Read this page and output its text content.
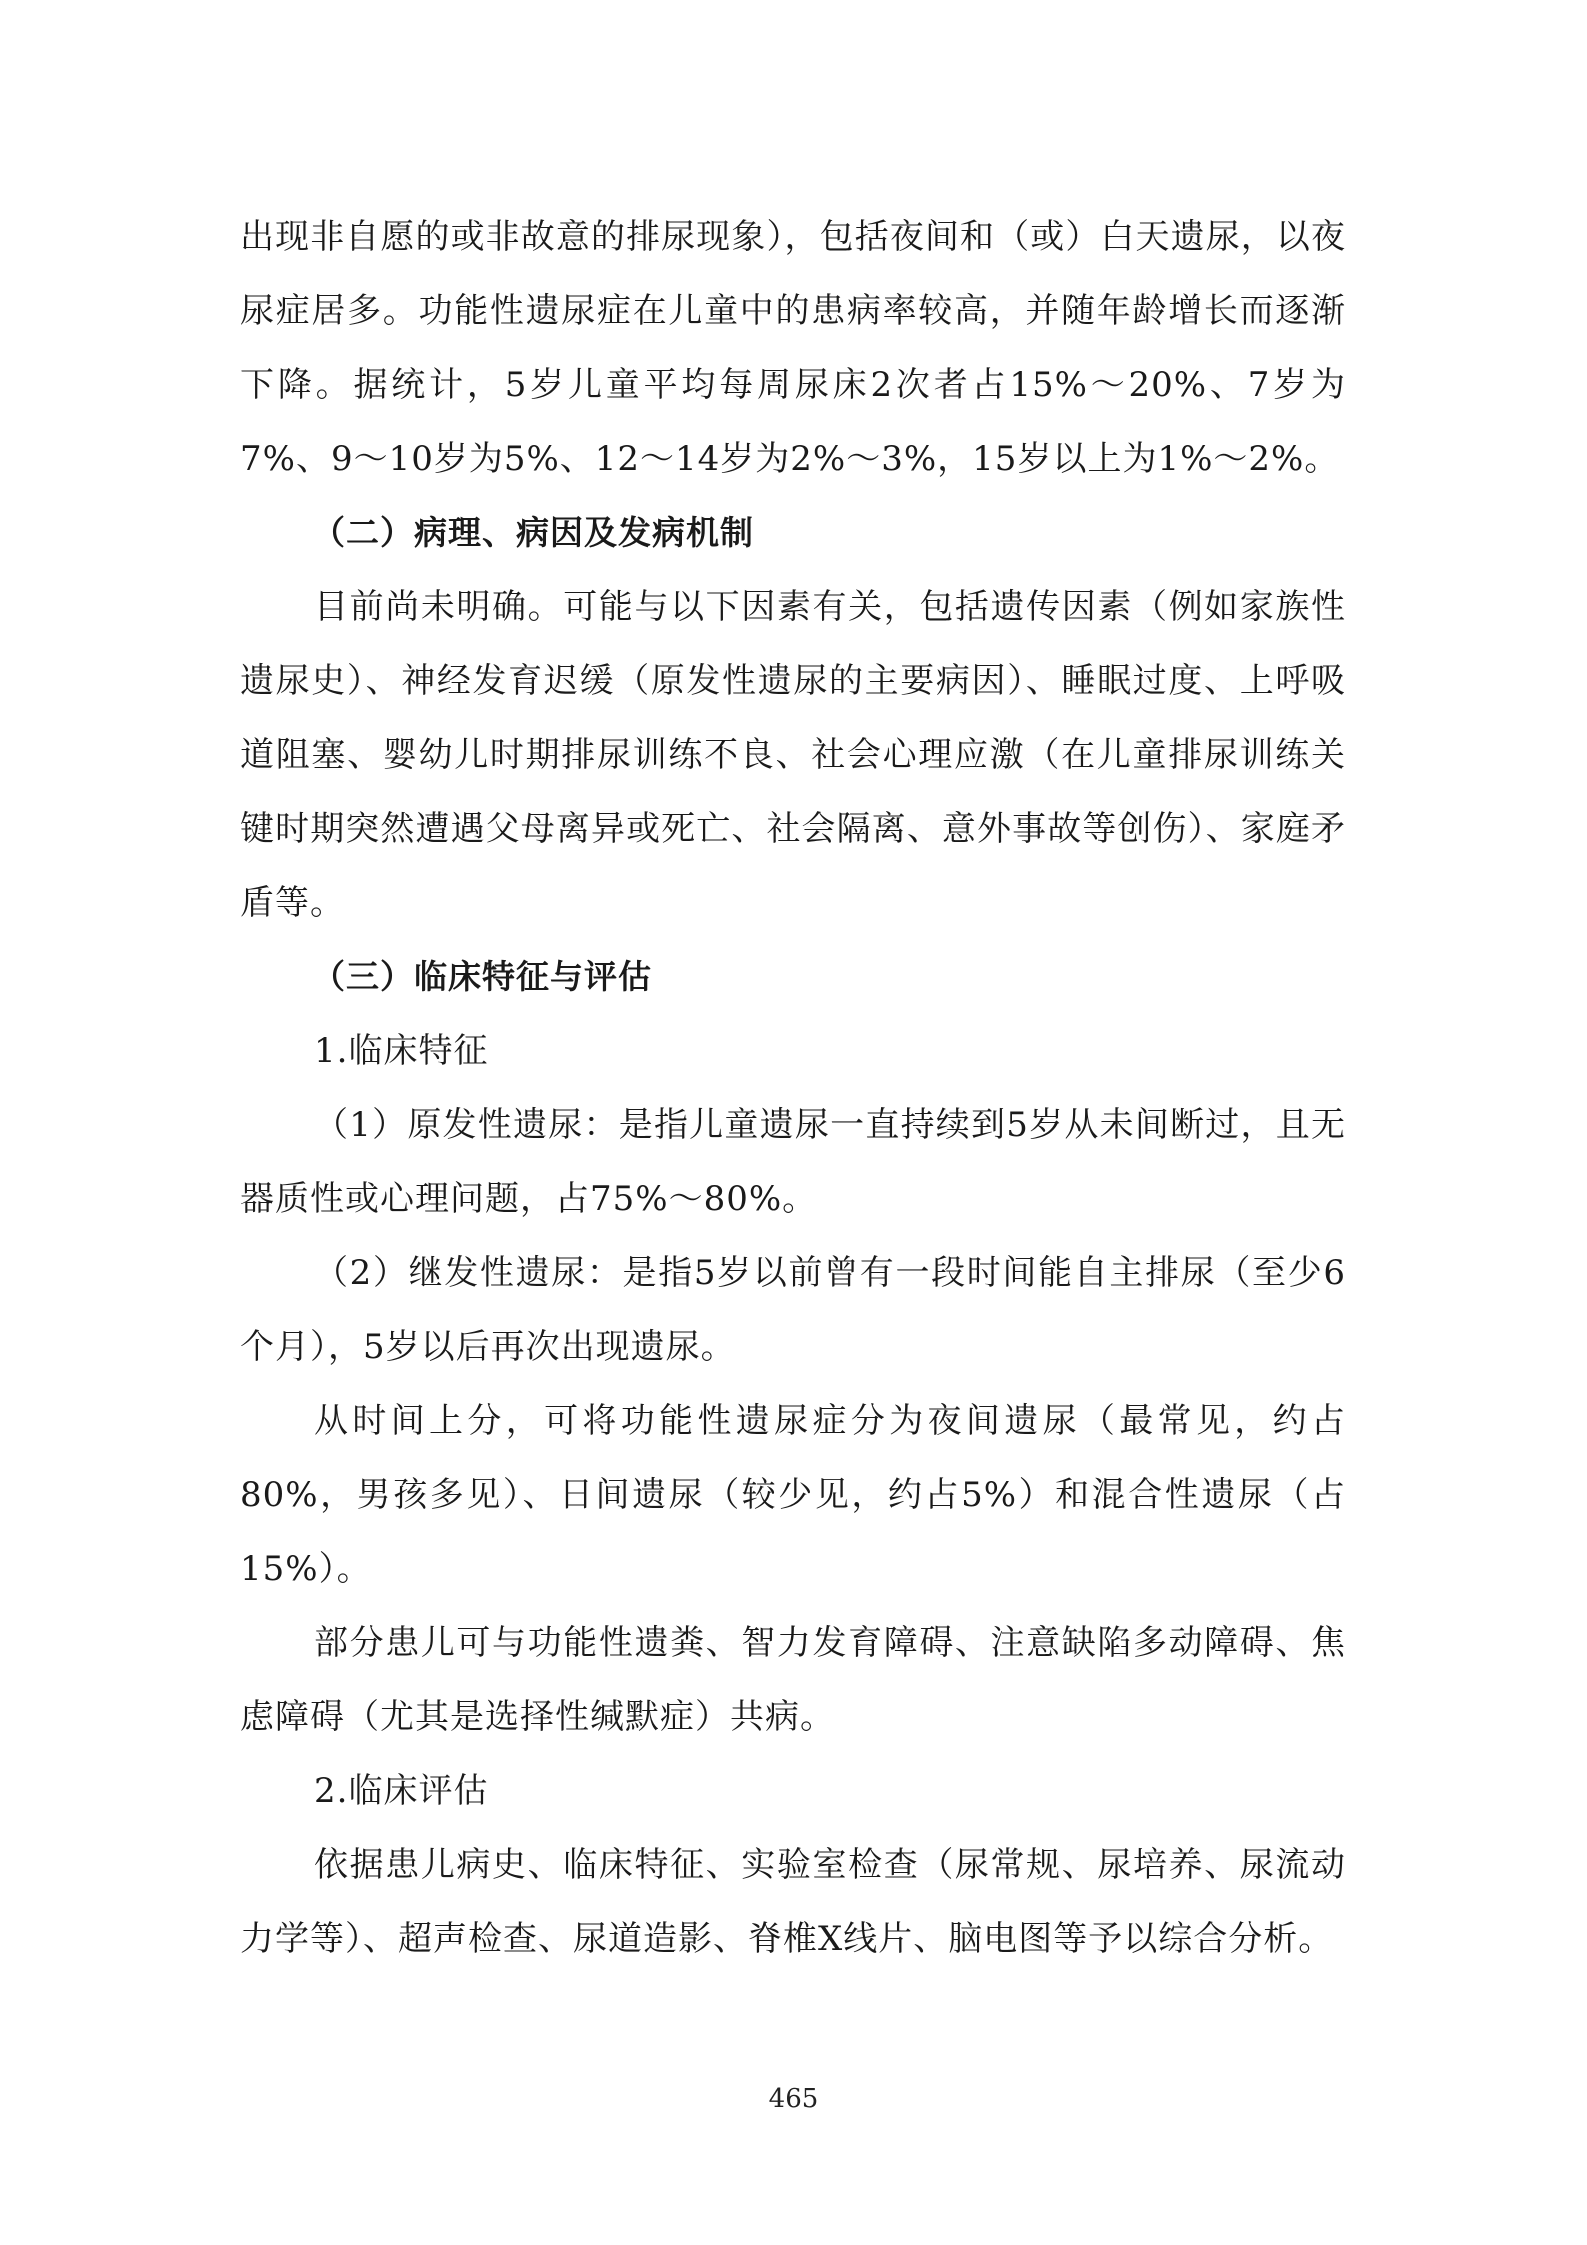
出现非自愿的或非故意的排尿现象），包括夜间和（或）白天遗尿，以夜尿症居多。功能性遗尿症在儿童中的患病率较高，并随年龄增长而逐渐下降。据统计，5岁儿童平均每周尿床2次者占15%～20%、7岁为7%、9～10岁为5%、12～14岁为2%～3%，15岁以上为1%～2%。

（二）病理、病因及发病机制

目前尚未明确。可能与以下因素有关，包括遗传因素（例如家族性遗尿史）、神经发育迟缓（原发性遗尿的主要病因）、睡眠过度、上呼吸道阻塞、婴幼儿时期排尿训练不良、社会心理应激（在儿童排尿训练关键时期突然遭遇父母离异或死亡、社会隔离、意外事故等创伤）、家庭矛盾等。

（三）临床特征与评估

1.临床特征

（1）原发性遗尿：是指儿童遗尿一直持续到5岁从未间断过，且无器质性或心理问题，占75%～80%。

（2）继发性遗尿：是指5岁以前曾有一段时间能自主排尿（至少6个月），5岁以后再次出现遗尿。

从时间上分，可将功能性遗尿症分为夜间遗尿（最常见，约占80%，男孩多见）、日间遗尿（较少见，约占5%）和混合性遗尿（占15%）。

部分患儿可与功能性遗粪、智力发育障碍、注意缺陷多动障碍、焦虑障碍（尤其是选择性缄默症）共病。

2.临床评估

依据患儿病史、临床特征、实验室检查（尿常规、尿培养、尿流动力学等）、超声检查、尿道造影、脊椎X线片、脑电图等予以综合分析。

465
